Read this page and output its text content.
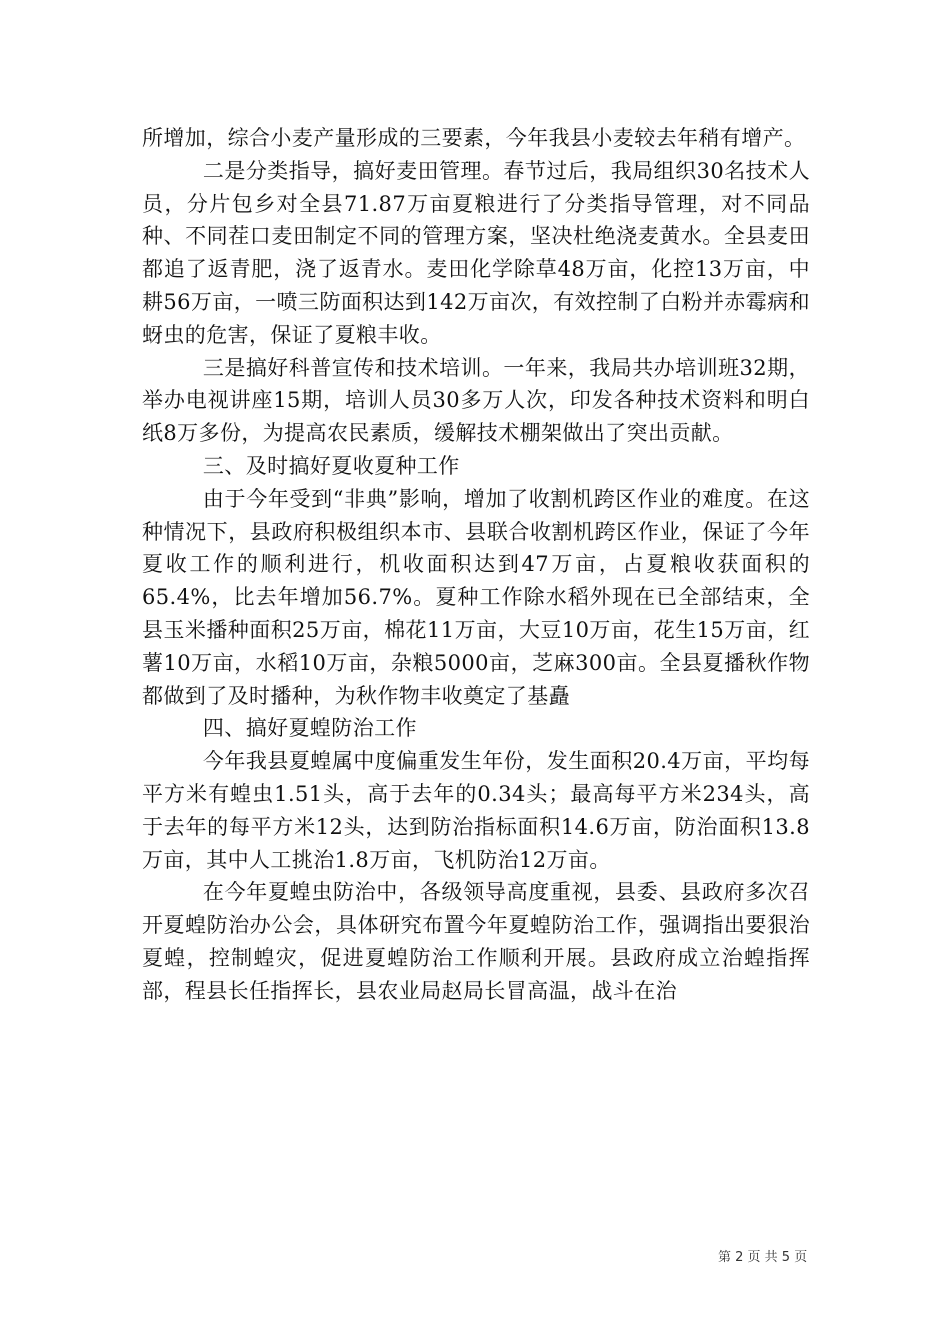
所增加，综合小麦产量形成的三要素，今年我县小麦较去年稍有增产。

二是分类指导，搞好麦田管理。春节过后，我局组织30名技术人员，分片包乡对全县71.87万亩夏粮进行了分类指导管理，对不同品种、不同茬口麦田制定不同的管理方案，坚决杜绝浇麦黄水。全县麦田都追了返青肥，浇了返青水。麦田化学除草48万亩，化控13万亩，中耕56万亩，一喷三防面积达到142万亩次，有效控制了白粉并赤霉病和蚜虫的危害，保证了夏粮丰收。

三是搞好科普宣传和技术培训。一年来，我局共办培训班32期，举办电视讲座15期，培训人员30多万人次，印发各种技术资料和明白纸8万多份，为提高农民素质，缓解技术棚架做出了突出贡献。

三、及时搞好夏收夏种工作

由于今年受到“非典”影响，增加了收割机跨区作业的难度。在这种情况下，县政府积极组织本市、县联合收割机跨区作业，保证了今年夏收工作的顺利进行，机收面积达到47万亩，占夏粮收获面积的65.4%，比去年增加56.7%。夏种工作除水稻外现在已全部结束，全县玉米播种面积25万亩，棉花11万亩，大豆10万亩，花生15万亩，红薯10万亩，水稻10万亩，杂粮5000亩，芝麻300亩。全县夏播秋作物都做到了及时播种，为秋作物丰收奠定了基矗

四、搞好夏蝗防治工作

今年我县夏蝗属中度偏重发生年份，发生面积20.4万亩，平均每平方米有蝗虫1.51头，高于去年的0.34头；最高每平方米234头，高于去年的每平方米12头，达到防治指标面积14.6万亩，防治面积13.8万亩，其中人工挑治1.8万亩，飞机防治12万亩。

在今年夏蝗虫防治中，各级领导高度重视，县委、县政府多次召开夏蝗防治办公会，具体研究布置今年夏蝗防治工作，强调指出要狠治夏蝗，控制蝗灾，促进夏蝗防治工作顺利开展。县政府成立治蝗指挥部，程县长任指挥长，县农业局赵局长冒高温，战斗在治

第 2 页 共 5 页
